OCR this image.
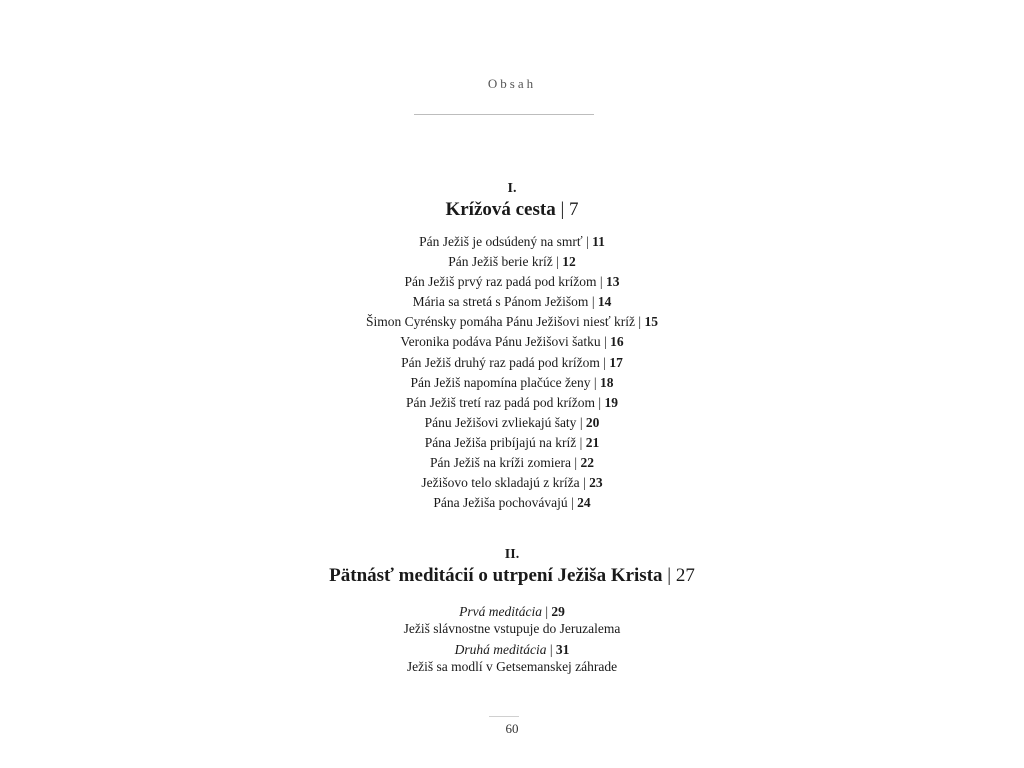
Obsah
I.
Krížová cesta | 7
Pán Ježiš je odsúdený na smrť | 11
Pán Ježiš berie kríž | 12
Pán Ježiš prvý raz padá pod krížom | 13
Mária sa stretá s Pánom Ježišom | 14
Šimon Cyrénsky pomáha Pánu Ježišovi niesť kríž | 15
Veronika podáva Pánu Ježišovi šatku | 16
Pán Ježiš druhý raz padá pod krížom | 17
Pán Ježiš napomína plačúce ženy | 18
Pán Ježiš tretí raz padá pod krížom | 19
Pánu Ježišovi zvliekajú šaty | 20
Pána Ježiša pribíjajú na kríž | 21
Pán Ježiš na kríži zomiera | 22
Ježišovo telo skladajú z kríža | 23
Pána Ježiša pochovávajú | 24
II.
Pätnásť meditácií o utrpení Ježiša Krista | 27
Prvá meditácia | 29
Ježiš slávnostne vstupuje do Jeruzalema
Druhá meditácia | 31
Ježiš sa modlí v Getsemanskej záhrade
60
